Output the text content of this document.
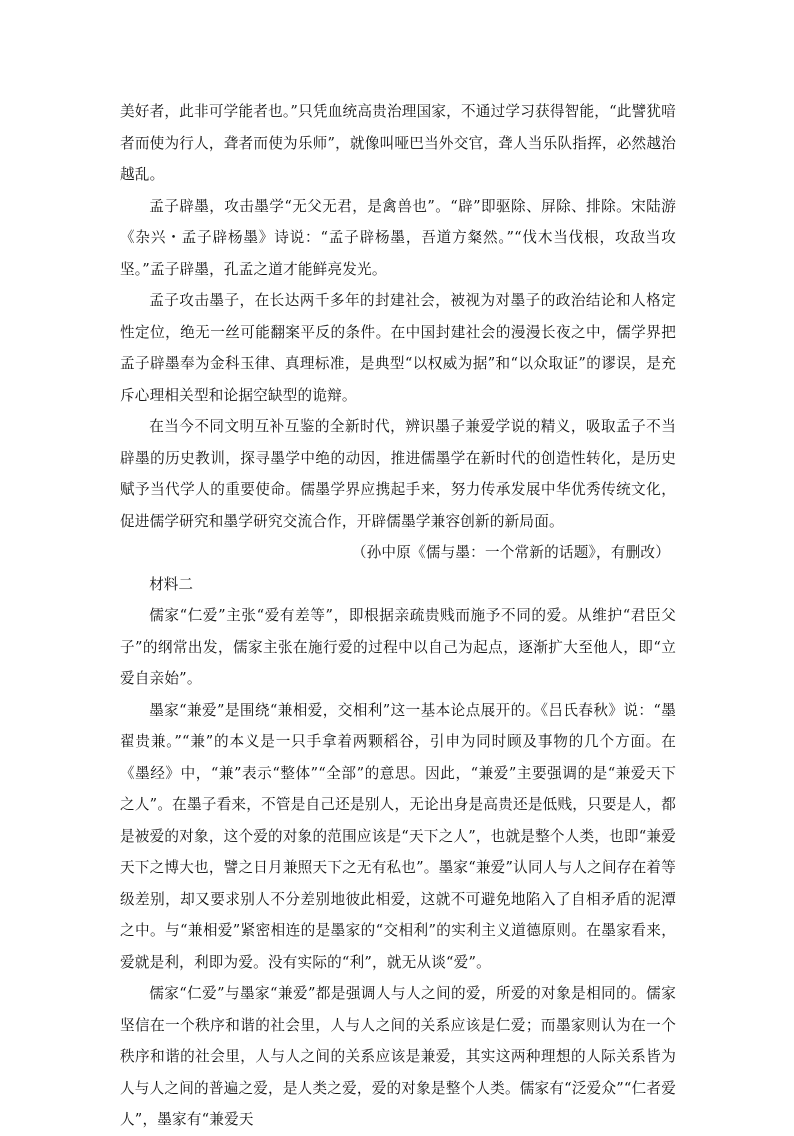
美好者，此非可学能者也。”只凭血统高贵治理国家，不通过学习获得智能，“此譬犹喑者而使为行人，聋者而使为乐师”，就像叫哑巴当外交官，聋人当乐队指挥，必然越治越乱。

孟子辟墨，攻击墨学“无父无君，是禽兽也”。“辟”即驱除、屏除、排除。宋陆游《杂兴・孟子辟杨墨》诗说：“孟子辟杨墨，吾道方粲然。”“伐木当伐根，攻敌当攻坚。”孟子辟墨，孔孟之道才能鲜亮发光。

孟子攻击墨子，在长达两千多年的封建社会，被视为对墨子的政治结论和人格定性定位，绝无一丝可能翻案平反的条件。在中国封建社会的漫漫长夜之中，儒学界把孟子辟墨奉为金科玉律、真理标准，是典型“以权威为据”和“以众取证”的谬误，是充斥心理相关型和论据空缺型的诡辩。

在当今不同文明互补互鉴的全新时代，辨识墨子兼爱学说的精义，吸取孟子不当辟墨的历史教训，探寻墨学中绝的动因，推进儒墨学在新时代的创造性转化，是历史赋予当代学人的重要使命。儒墨学界应携起手来，努力传承发展中华优秀传统文化，促进儒学研究和墨学研究交流合作，开辟儒墨学兼容创新的新局面。

（孙中原《儒与墨：一个常新的话题》，有删改）

材料二

儒家“仁爱”主张“爱有差等”，即根据亲疏贵贱而施予不同的爱。从维护“君臣父子”的纲常出发，儒家主张在施行爱的过程中以自己为起点，逐渐扩大至他人，即“立爱自亲始”。

墨家“兼爱”是围绕“兼相爱，交相利”这一基本论点展开的。《吕氏春秋》说：“墨翟贵兼。”“兼”的本义是一只手拿着两颗稻谷，引申为同时顾及事物的几个方面。在《墨经》中，“兼”表示“整体”“全部”的意思。因此，“兼爱”主要强调的是“兼爱天下之人”。在墨子看来，不管是自己还是别人，无论出身是高贵还是低贱，只要是人，都是被爱的对象，这个爱的对象的范围应该是“天下之人”，也就是整个人类，也即“兼爱天下之博大也，譬之日月兼照天下之无有私也”。墨家“兼爱”认同人与人之间存在着等级差别，却又要求别人不分差别地彼此相爱，这就不可避免地陷入了自相矛盾的泥潭之中。与“兼相爱”紧密相连的是墨家的“交相利”的实利主义道德原则。在墨家看来，爱就是利，利即为爱。没有实际的“利”，就无从谈“爱”。

儒家“仁爱”与墨家“兼爱”都是强调人与人之间的爱，所爱的对象是相同的。儒家坚信在一个秩序和谐的社会里，人与人之间的关系应该是仁爱；而墨家则认为在一个秩序和谐的社会里，人与人之间的关系应该是兼爱，其实这两种理想的人际关系皆为人与人之间的普遍之爱，是人类之爱，爱的对象是整个人类。儒家有“泛爱众”“仁者爱人”，墨家有“兼爱天
